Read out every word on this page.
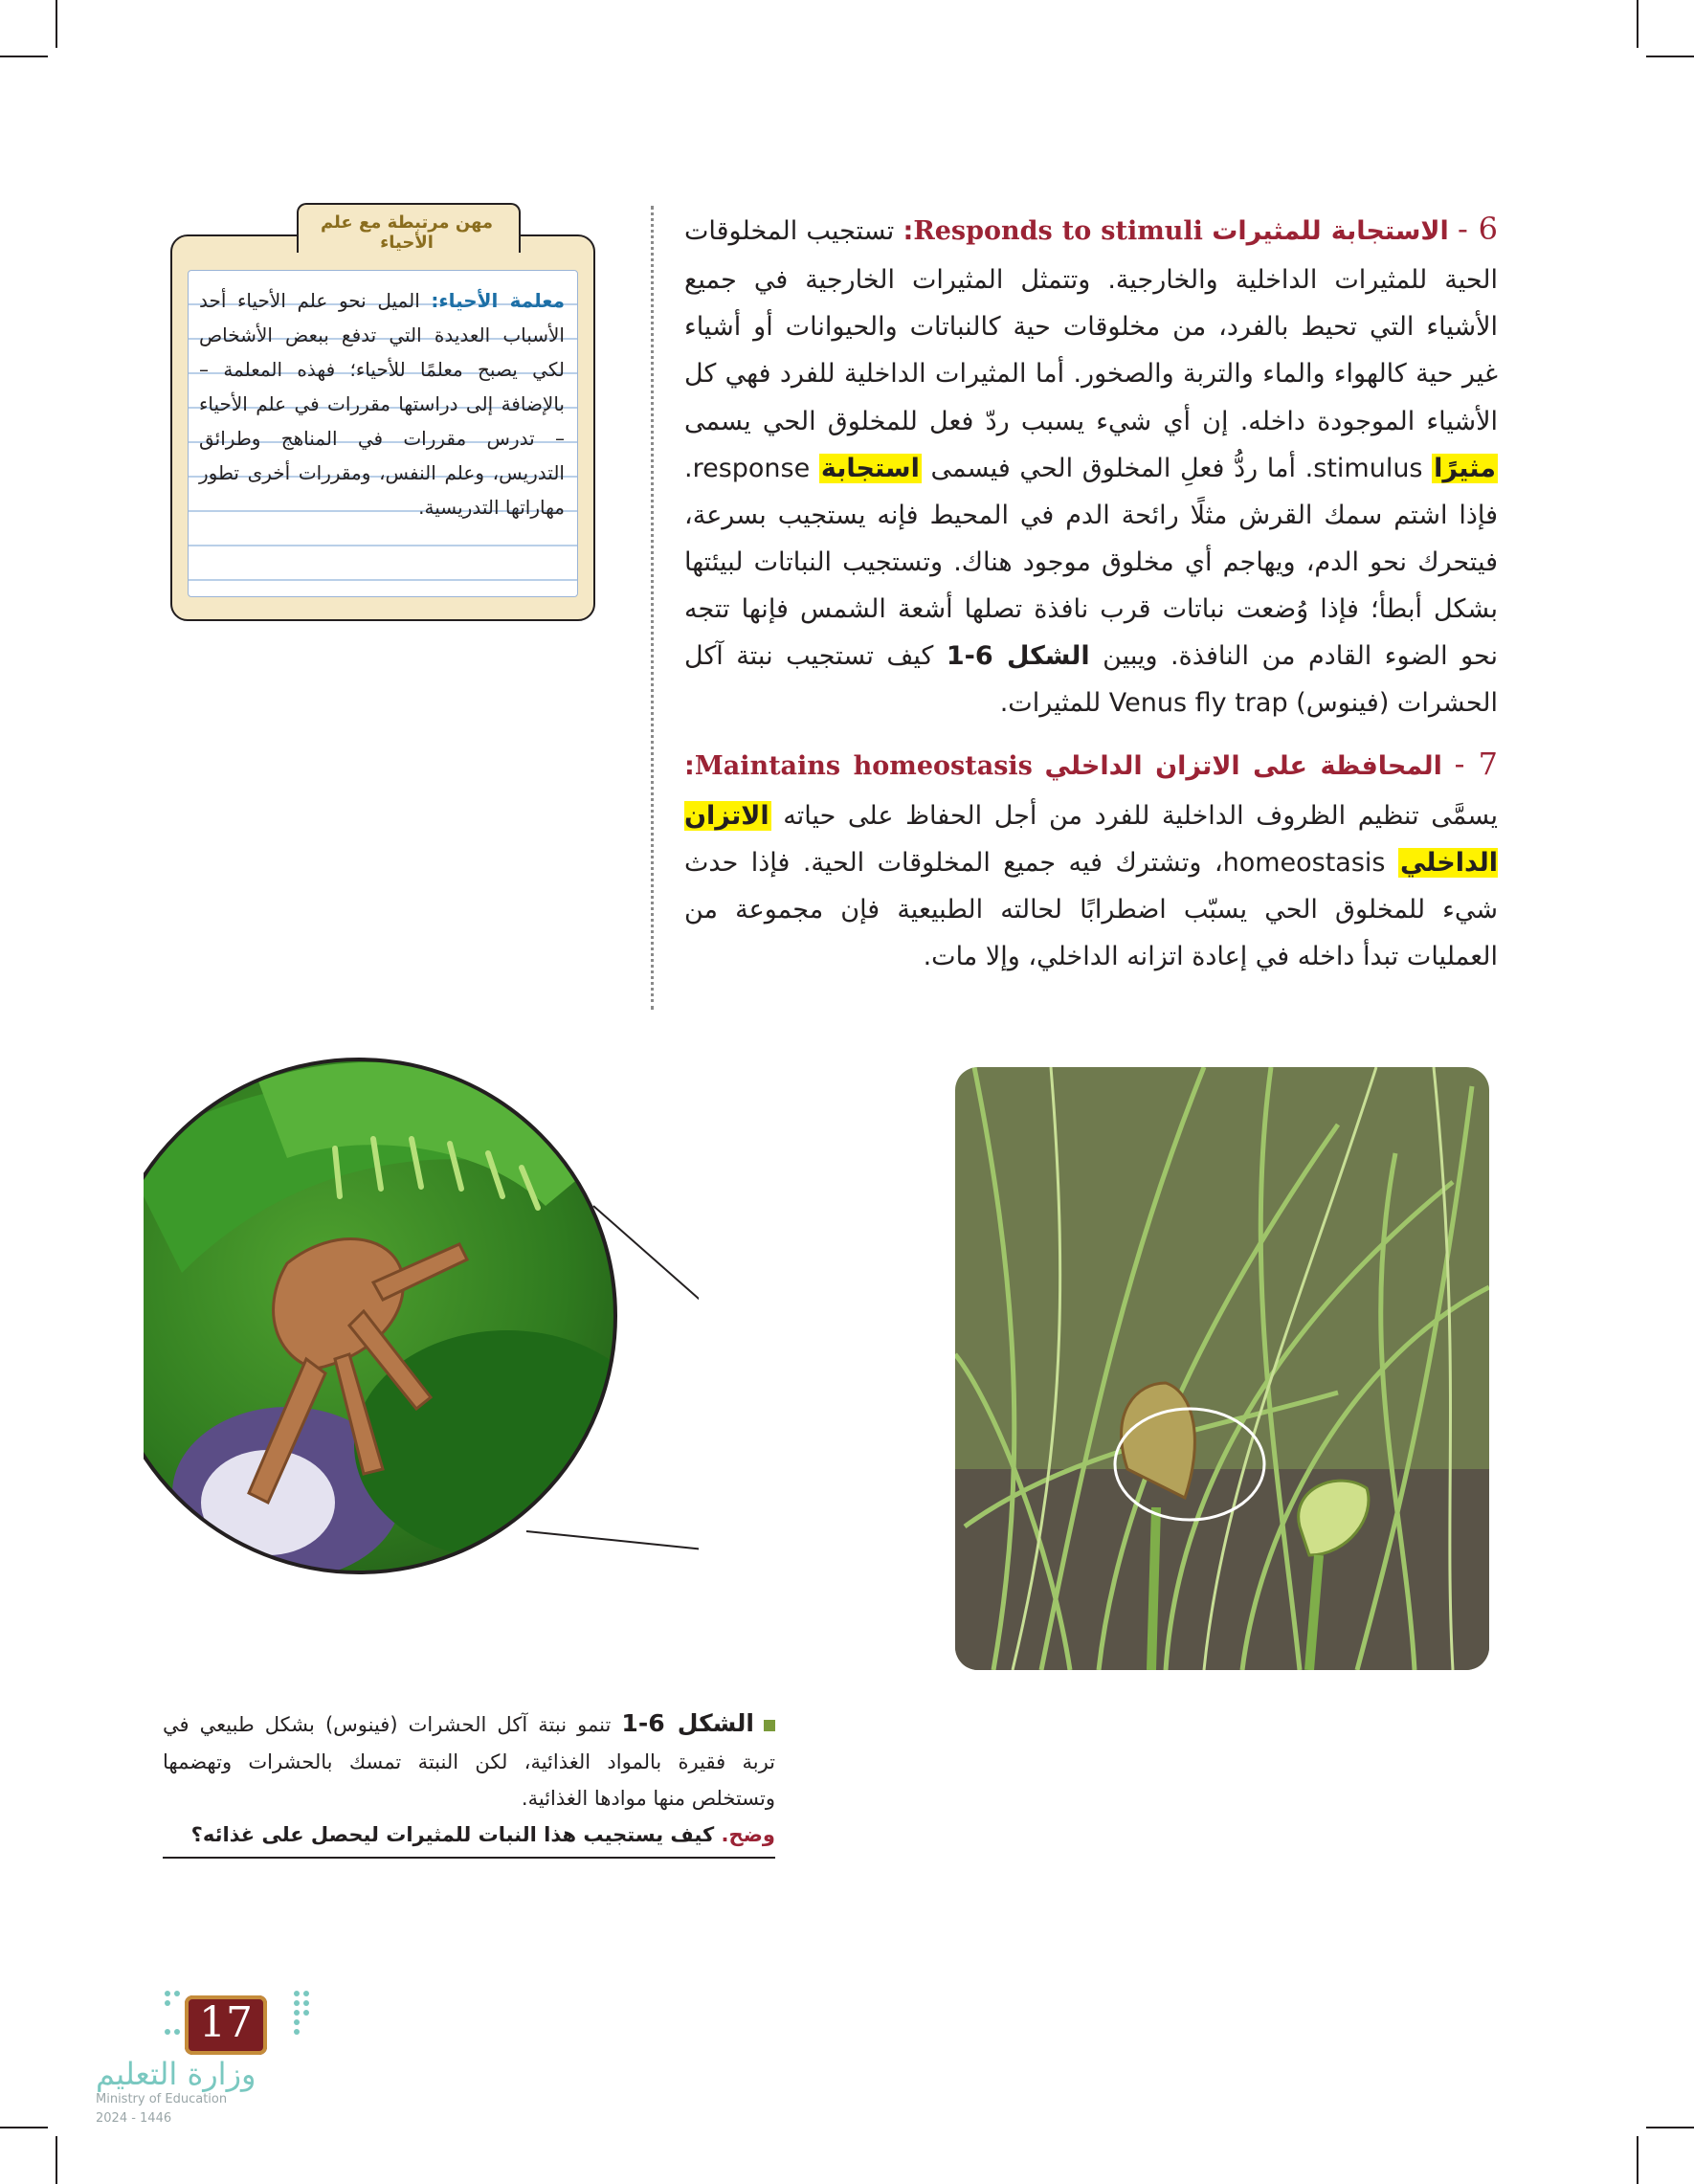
6 - الاستجابة للمثيرات Responds to stimuli: تستجيب المخلوقات الحية للمثيرات الداخلية والخارجية. وتتمثل المثيرات الخارجية في جميع الأشياء التي تحيط بالفرد، من مخلوقات حية كالنباتات والحيوانات أو أشياء غير حية كالهواء والماء والتربة والصخور. أما المثيرات الداخلية للفرد فهي كل الأشياء الموجودة داخله. إن أي شيء يسبب ردّ فعل للمخلوق الحي يسمى مثيرًا stimulus. أما ردُّ فعلِ المخلوق الحي فيسمى استجابة response. فإذا اشتم سمك القرش مثلًا رائحة الدم في المحيط فإنه يستجيب بسرعة، فيتحرك نحو الدم، ويهاجم أي مخلوق موجود هناك. وتستجيب النباتات لبيئتها بشكل أبطأ؛ فإذا وُضعت نباتات قرب نافذة تصلها أشعة الشمس فإنها تتجه نحو الضوء القادم من النافذة. ويبين الشكل 6-1 كيف تستجيب نبتة آكل الحشرات (فينوس) Venus fly trap للمثيرات.

7 - المحافظة على الاتزان الداخلي Maintains homeostasis: يسمَّى تنظيم الظروف الداخلية للفرد من أجل الحفاظ على حياته الاتزان الداخلي homeostasis، وتشترك فيه جميع المخلوقات الحية. فإذا حدث شيء للمخلوق الحي يسبّب اضطرابًا لحالته الطبيعية فإن مجموعة من العمليات تبدأ داخله في إعادة اتزانه الداخلي، وإلا مات.

مهن مرتبطة مع علم الأحياء
معلمة الأحياء: الميل نحو علم الأحياء أحد الأسباب العديدة التي تدفع ببعض الأشخاص لكي يصبح معلمًا للأحياء؛ فهذه المعلمة – بالإضافة إلى دراستها مقررات في علم الأحياء – تدرس مقررات في المناهج وطرائق التدريس، وعلم النفس، ومقررات أخرى تطور مهاراتها التدريسية.
الشكل 6-1 تنمو نبتة آكل الحشرات (فينوس) بشكل طبيعي في تربة فقيرة بالمواد الغذائية، لكن النبتة تمسك بالحشرات وتهضمها وتستخلص منها موادها الغذائية.
وضح. كيف يستجيب هذا النبات للمثيرات ليحصل على غذائه؟
17
وزارة التعليم
Ministry of Education
2024 - 1446
